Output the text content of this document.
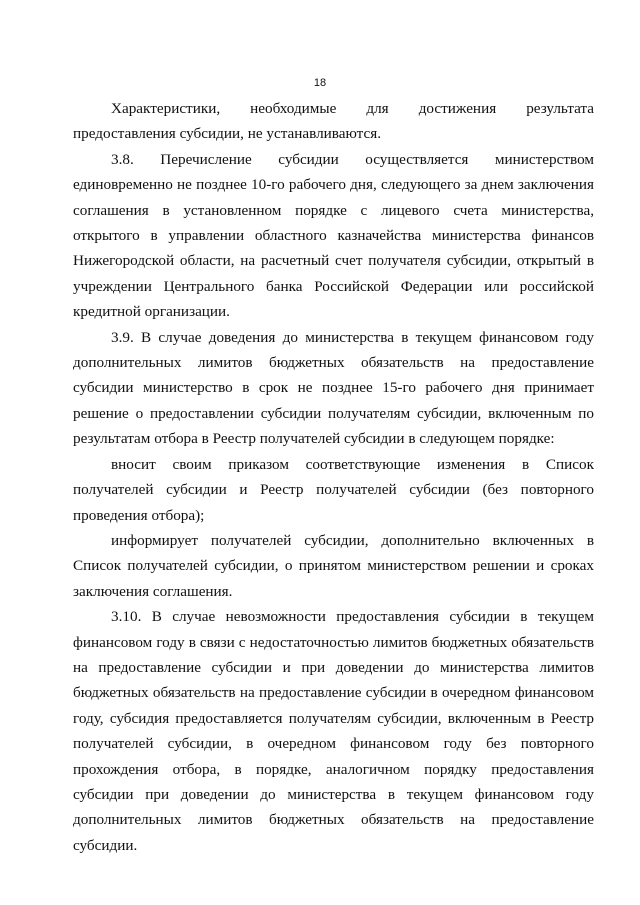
18

Характеристики, необходимые для достижения результата предоставления субсидии, не устанавливаются.

3.8. Перечисление субсидии осуществляется министерством единовременно не позднее 10-го рабочего дня, следующего за днем заключения соглашения в установленном порядке с лицевого счета министерства, открытого в управлении областного казначейства министерства финансов Нижегородской области, на расчетный счет получателя субсидии, открытый в учреждении Центрального банка Российской Федерации или российской кредитной организации.

3.9. В случае доведения до министерства в текущем финансовом году дополнительных лимитов бюджетных обязательств на предоставление субсидии министерство в срок не позднее 15-го рабочего дня принимает решение о предоставлении субсидии получателям субсидии, включенным по результатам отбора в Реестр получателей субсидии в следующем порядке:

вносит своим приказом соответствующие изменения в Список получателей субсидии и Реестр получателей субсидии (без повторного проведения отбора);

информирует получателей субсидии, дополнительно включенных в Список получателей субсидии, о принятом министерством решении и сроках заключения соглашения.

3.10. В случае невозможности предоставления субсидии в текущем финансовом году в связи с недостаточностью лимитов бюджетных обязательств на предоставление субсидии и при доведении до министерства лимитов бюджетных обязательств на предоставление субсидии в очередном финансовом году, субсидия предоставляется получателям субсидии, включенным в Реестр получателей субсидии, в очередном финансовом году без повторного прохождения отбора, в порядке, аналогичном порядку предоставления субсидии при доведении до министерства в текущем финансовом году дополнительных лимитов бюджетных обязательств на предоставление субсидии.
